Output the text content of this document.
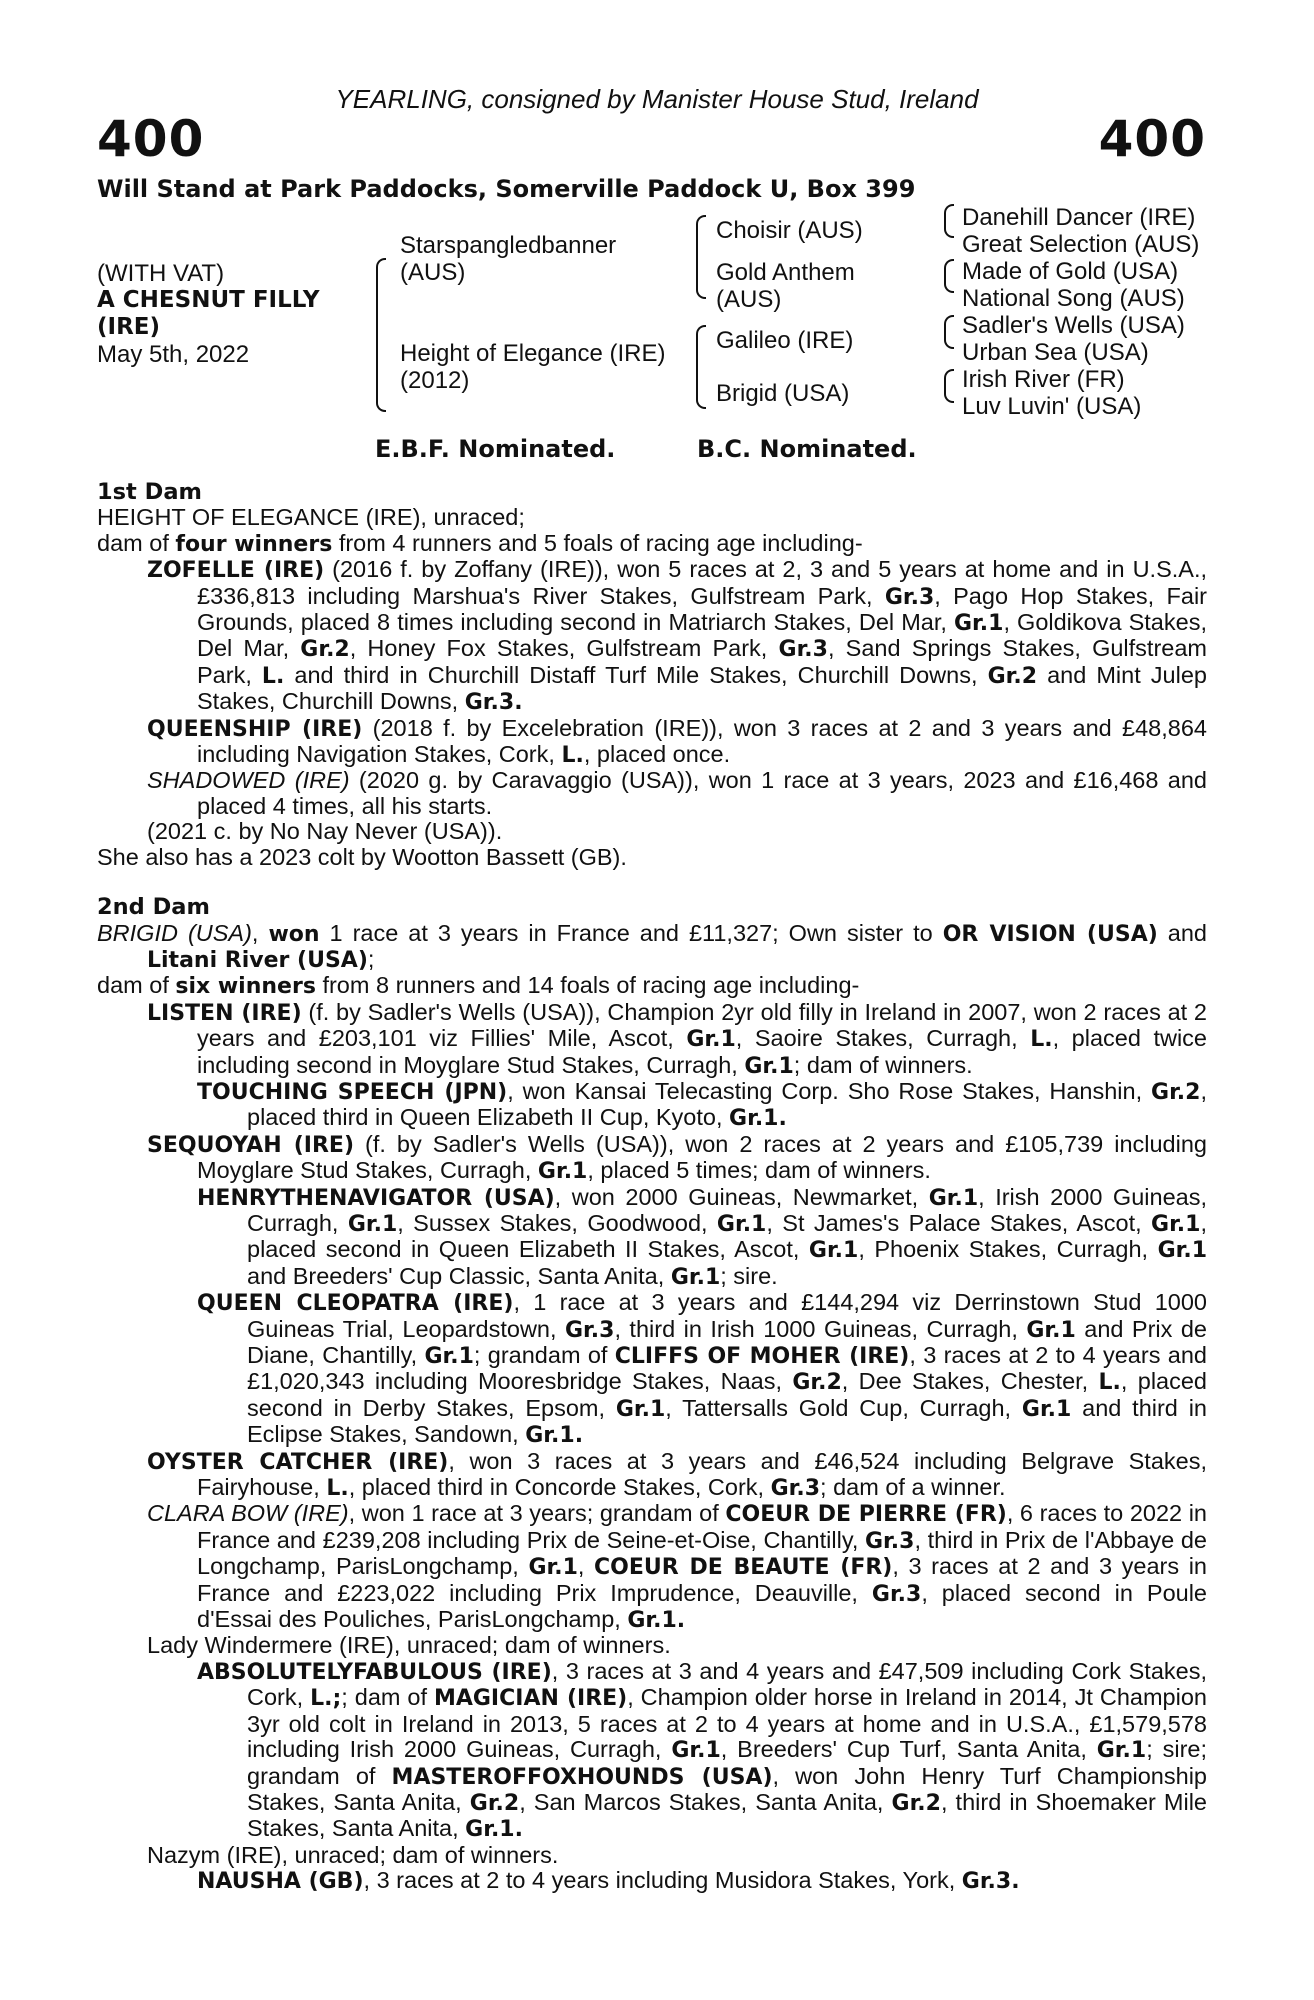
YEARLING, consigned by Manister House Stud, Ireland
400	400
Will Stand at Park Paddocks, Somerville Paddock U, Box 399
(WITH VAT)
A CHESNUT FILLY
(IRE)
May 5th, 2022
Starspangledbanner
(AUS)
Height of Elegance (IRE)
(2012)
Choisir (AUS)
Gold Anthem
(AUS)
Galileo (IRE)
Brigid (USA)
Danehill Dancer (IRE)
Great Selection (AUS)
Made of Gold (USA)
National Song (AUS)
Sadler's Wells (USA)
Urban Sea (USA)
Irish River (FR)
Luv Luvin' (USA)
E.B.F. Nominated.	B.C. Nominated.
1st Dam
HEIGHT OF ELEGANCE (IRE), unraced;
dam of four winners from 4 runners and 5 foals of racing age including-
ZOFELLE (IRE) (2016 f. by Zoffany (IRE)), won 5 races at 2, 3 and 5 years at home and in U.S.A., £336,813 including Marshua's River Stakes, Gulfstream Park, Gr.3, Pago Hop Stakes, Fair Grounds, placed 8 times including second in Matriarch Stakes, Del Mar, Gr.1, Goldikova Stakes, Del Mar, Gr.2, Honey Fox Stakes, Gulfstream Park, Gr.3, Sand Springs Stakes, Gulfstream Park, L. and third in Churchill Distaff Turf Mile Stakes, Churchill Downs, Gr.2 and Mint Julep Stakes, Churchill Downs, Gr.3.
QUEENSHIP (IRE) (2018 f. by Excelebration (IRE)), won 3 races at 2 and 3 years and £48,864 including Navigation Stakes, Cork, L., placed once.
SHADOWED (IRE) (2020 g. by Caravaggio (USA)), won 1 race at 3 years, 2023 and £16,468 and placed 4 times, all his starts.
(2021 c. by No Nay Never (USA)).
She also has a 2023 colt by Wootton Bassett (GB).
2nd Dam
BRIGID (USA), won 1 race at 3 years in France and £11,327; Own sister to OR VISION (USA) and Litani River (USA);
dam of six winners from 8 runners and 14 foals of racing age including-
LISTEN (IRE) (f. by Sadler's Wells (USA)), Champion 2yr old filly in Ireland in 2007, won 2 races at 2 years and £203,101 viz Fillies' Mile, Ascot, Gr.1, Saoire Stakes, Curragh, L., placed twice including second in Moyglare Stud Stakes, Curragh, Gr.1; dam of winners.
TOUCHING SPEECH (JPN), won Kansai Telecasting Corp. Sho Rose Stakes, Hanshin, Gr.2, placed third in Queen Elizabeth II Cup, Kyoto, Gr.1.
SEQUOYAH (IRE) (f. by Sadler's Wells (USA)), won 2 races at 2 years and £105,739 including Moyglare Stud Stakes, Curragh, Gr.1, placed 5 times; dam of winners.
HENRYTHENAVIGATOR (USA), won 2000 Guineas, Newmarket, Gr.1, Irish 2000 Guineas, Curragh, Gr.1, Sussex Stakes, Goodwood, Gr.1, St James's Palace Stakes, Ascot, Gr.1, placed second in Queen Elizabeth II Stakes, Ascot, Gr.1, Phoenix Stakes, Curragh, Gr.1 and Breeders' Cup Classic, Santa Anita, Gr.1; sire.
QUEEN CLEOPATRA (IRE), 1 race at 3 years and £144,294 viz Derrinstown Stud 1000 Guineas Trial, Leopardstown, Gr.3, third in Irish 1000 Guineas, Curragh, Gr.1 and Prix de Diane, Chantilly, Gr.1; grandam of CLIFFS OF MOHER (IRE), 3 races at 2 to 4 years and £1,020,343 including Mooresbridge Stakes, Naas, Gr.2, Dee Stakes, Chester, L., placed second in Derby Stakes, Epsom, Gr.1, Tattersalls Gold Cup, Curragh, Gr.1 and third in Eclipse Stakes, Sandown, Gr.1.
OYSTER CATCHER (IRE), won 3 races at 3 years and £46,524 including Belgrave Stakes, Fairyhouse, L., placed third in Concorde Stakes, Cork, Gr.3; dam of a winner.
CLARA BOW (IRE), won 1 race at 3 years; grandam of COEUR DE PIERRE (FR), 6 races to 2022 in France and £239,208 including Prix de Seine-et-Oise, Chantilly, Gr.3, third in Prix de l'Abbaye de Longchamp, ParisLongchamp, Gr.1, COEUR DE BEAUTE (FR), 3 races at 2 and 3 years in France and £223,022 including Prix Imprudence, Deauville, Gr.3, placed second in Poule d'Essai des Pouliches, ParisLongchamp, Gr.1.
Lady Windermere (IRE), unraced; dam of winners.
ABSOLUTELYFABULOUS (IRE), 3 races at 3 and 4 years and £47,509 including Cork Stakes, Cork, L.;; dam of MAGICIAN (IRE), Champion older horse in Ireland in 2014, Jt Champion 3yr old colt in Ireland in 2013, 5 races at 2 to 4 years at home and in U.S.A., £1,579,578 including Irish 2000 Guineas, Curragh, Gr.1, Breeders' Cup Turf, Santa Anita, Gr.1; sire; grandam of MASTEROFFOXHOUNDS (USA), won John Henry Turf Championship Stakes, Santa Anita, Gr.2, San Marcos Stakes, Santa Anita, Gr.2, third in Shoemaker Mile Stakes, Santa Anita, Gr.1.
Nazym (IRE), unraced; dam of winners.
NAUSHA (GB), 3 races at 2 to 4 years including Musidora Stakes, York, Gr.3.
